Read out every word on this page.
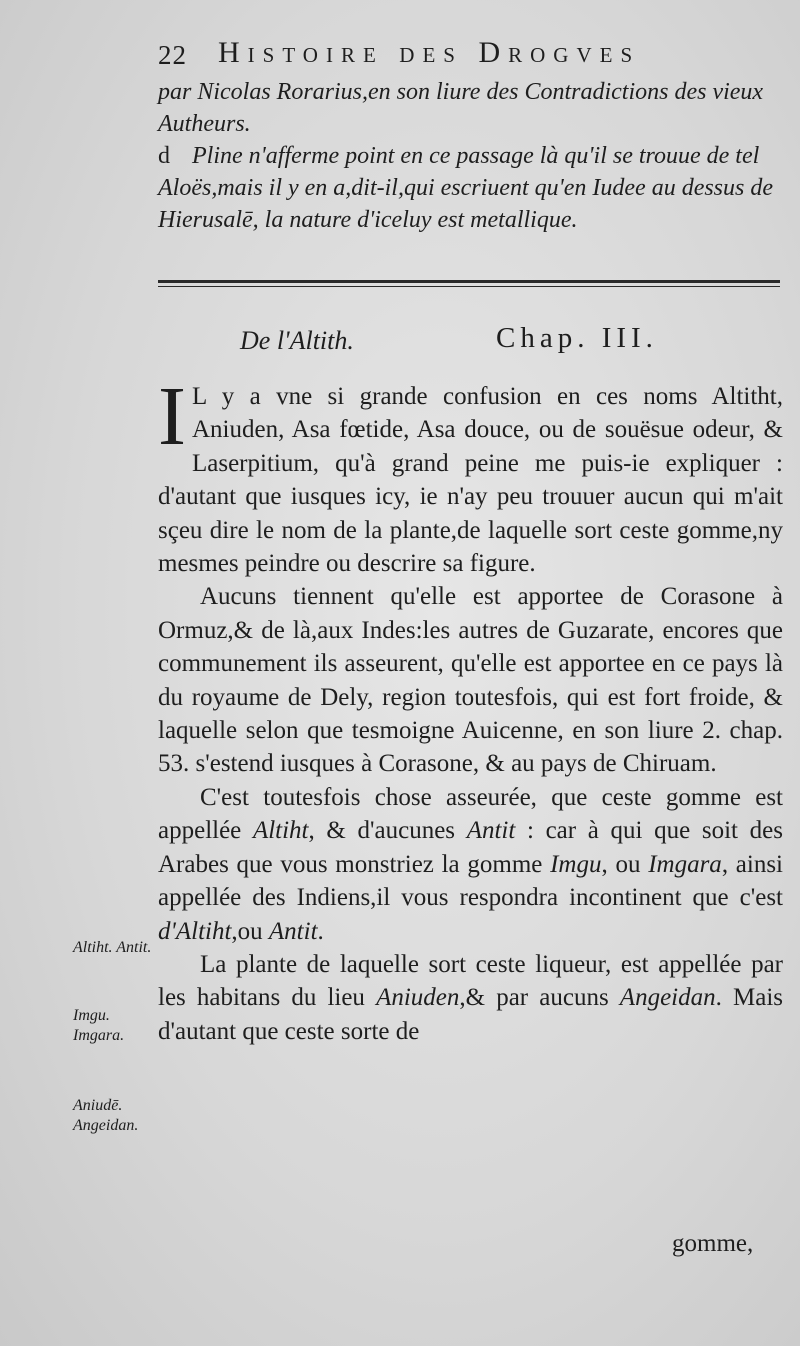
22 Histoire des Drogves
par Nicolas Rorarius,en son liure des Contradictions des vieux Autheurs.
d Pline n'afferme point en ce passage là qu'il se trouue de tel Aloës,mais il y en a,dit-il,qui escriuent qu'en Iudee au dessus de Hierusalē, la nature d'iceluy est metallique.
De l'Altith.	Chap. III.

I L y a vne si grande confusion en ces noms Altitht, Aniuden, Asa fœtide, Asa douce, ou de souësue odeur, & Laserpitium, qu'à grand peine me puis-ie expliquer : d'autant que iusques icy, ie n'ay peu trouuer aucun qui m'ait sçeu dire le nom de la plante,de laquelle sort ceste gomme,ny mesmes peindre ou descrire sa figure.

Aucuns tiennent qu'elle est apportee de Corasone à Ormuz,& de là,aux Indes:les autres de Guzarate, encores que communement ils asseurent, qu'elle est apportee en ce pays là du royaume de Dely, region toutesfois, qui est fort froide, & laquelle selon que tesmoigne Auicenne, en son liure 2. chap. 53. s'estend iusques à Corasone, & au pays de Chiruam.

C'est toutesfois chose asseurée, que ceste gomme est appellée Altiht, & d'aucunes Antit : car à qui que soit des Arabes que vous monstriez la gomme Imgu, ou Imgara, ainsi appellée des Indiens,il vous respondra incontinent que c'est d'Altiht,ou Antit.

La plante de laquelle sort ceste liqueur, est appellée par les habitans du lieu Aniuden,& par aucuns Angeidan. Mais d'autant que ceste sorte de

gomme,
Altiht. Antit.
Imgu. Imgara.
Aniudē. Angeidan.
